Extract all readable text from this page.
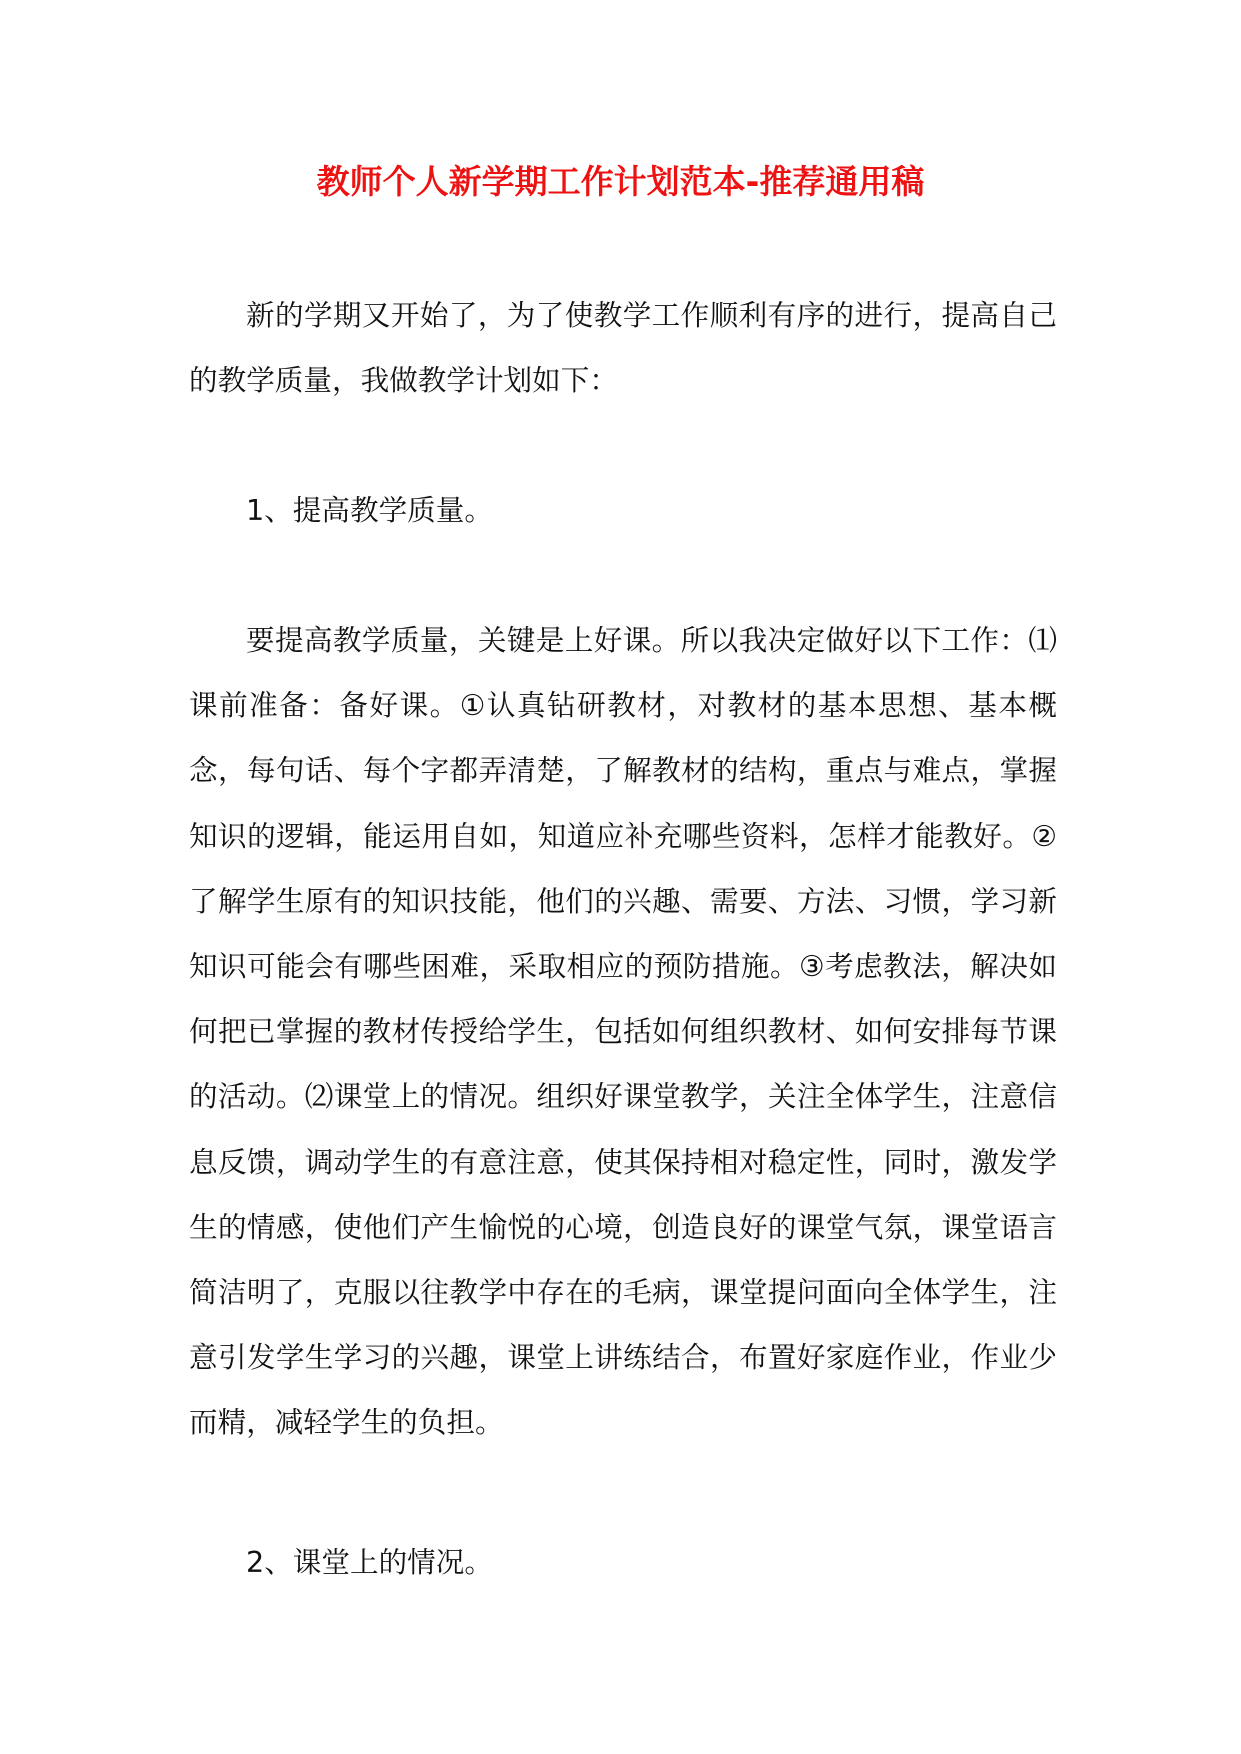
教师个人新学期工作计划范本-推荐通用稿

新的学期又开始了，为了使教学工作顺利有序的进行，提高自己的教学质量，我做教学计划如下：

1、提高教学质量。

要提高教学质量，关键是上好课。所以我决定做好以下工作：⑴课前准备：备好课。①认真钻研教材，对教材的基本思想、基本概念，每句话、每个字都弄清楚，了解教材的结构，重点与难点，掌握知识的逻辑，能运用自如，知道应补充哪些资料，怎样才能教好。②了解学生原有的知识技能，他们的兴趣、需要、方法、习惯，学习新知识可能会有哪些困难，采取相应的预防措施。③考虑教法，解决如何把已掌握的教材传授给学生，包括如何组织教材、如何安排每节课的活动。⑵课堂上的情况。组织好课堂教学，关注全体学生，注意信息反馈，调动学生的有意注意，使其保持相对稳定性，同时，激发学生的情感，使他们产生愉悦的心境，创造良好的课堂气氛，课堂语言简洁明了，克服以往教学中存在的毛病，课堂提问面向全体学生，注意引发学生学习的兴趣，课堂上讲练结合，布置好家庭作业，作业少而精，减轻学生的负担。

2、课堂上的情况。
